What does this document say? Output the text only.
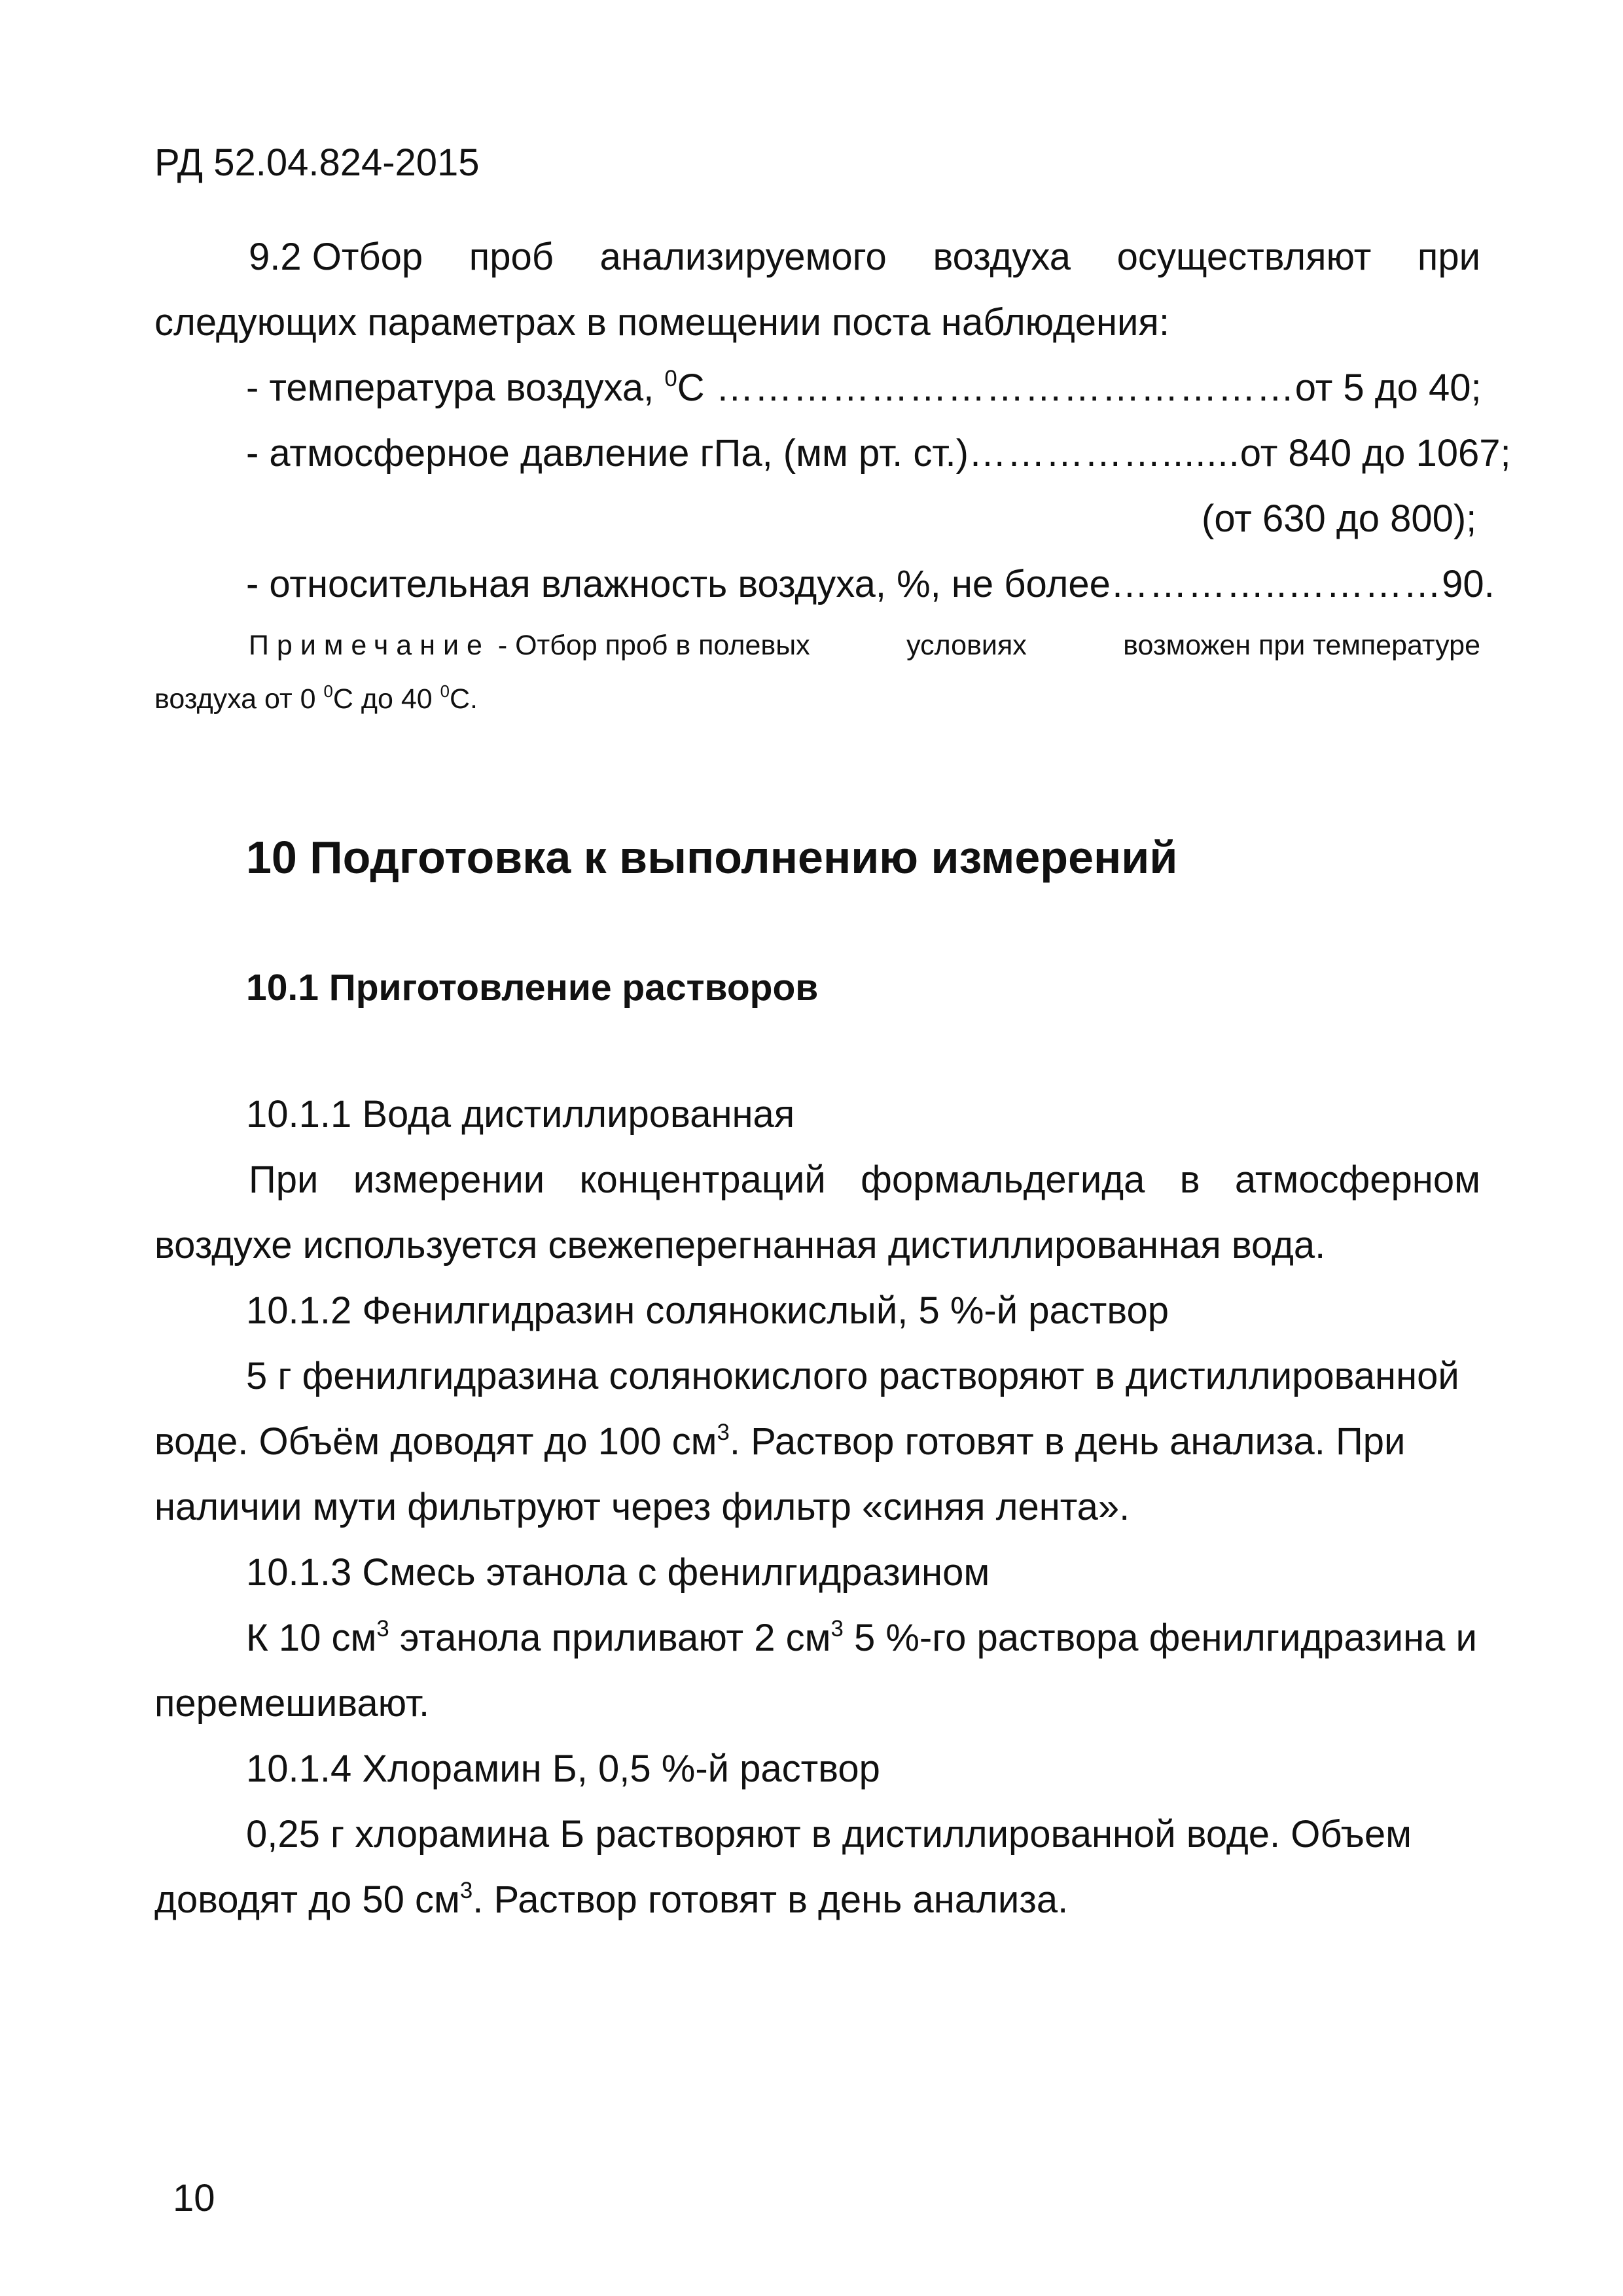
РД 52.04.824-2015
9.2 Отбор проб анализируемого воздуха осуществляют при
следующих параметрах в помещении поста наблюдения:
- температура воздуха, $^0$С ………………………………………от 5 до 40;
- атмосферное давление гПа, (мм рт. ст.)…………….......от 840 до 1067;
(от 630 до 800);
- относительная влажность воздуха, %, не более…………..…………90.
Примечание - Отбор проб в полевых	условиях	возможен при температуре
воздуха от 0 $^0$С до 40 $^0$С.
10 Подготовка к выполнению измерений
10.1 Приготовление растворов
10.1.1 Вода дистиллированная
При измерении концентраций формальдегида в атмосферном
воздухе используется свежеперегнанная дистиллированная вода.
10.1.2 Фенилгидразин солянокислый, 5 %-й раствор
5 г фенилгидразина солянокислого растворяют в дистиллированной
воде. Объём доводят до 100 $см^3$. Раствор готовят в день анализа. При
наличии мути фильтруют через фильтр «синяя лента».
10.1.3 Смесь этанола с фенилгидразином
К 10 $см^3$ этанола приливают 2 $см^3$ 5 %-го раствора фенилгидразина и
перемешивают.
10.1.4 Хлорамин Б, 0,5 %-й раствор
0,25 г хлорамина Б растворяют в дистиллированной воде. Объем
доводят до 50 $см^3$. Раствор готовят в день анализа.
10
